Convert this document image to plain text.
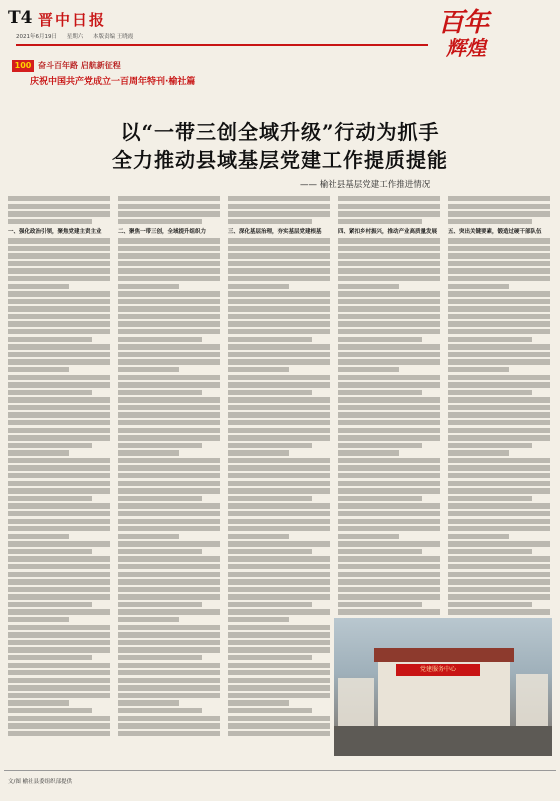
T4 晋中日报
2021年6月19日 星期六 本版责编 王晓霞
100 奋斗百年路 启航新征程
庆祝中国共产党成立一百周年特刊·榆社篇
百年
辉煌
以“一带三创全域升级”行动为抓手
全力推动县域基层党建工作提质提能
—— 榆社县基层党建工作推进情况
一、强化政治引领，聚焦党建主责主业	二、聚焦一带三创，全域提升组织力	三、深化基层治理，夯实基层党建根基	四、紧扣乡村振兴，推动产业高质量发展	五、突出关键要素，锻造过硬干部队伍
党建服务中心
文/图 榆社县委组织部提供
